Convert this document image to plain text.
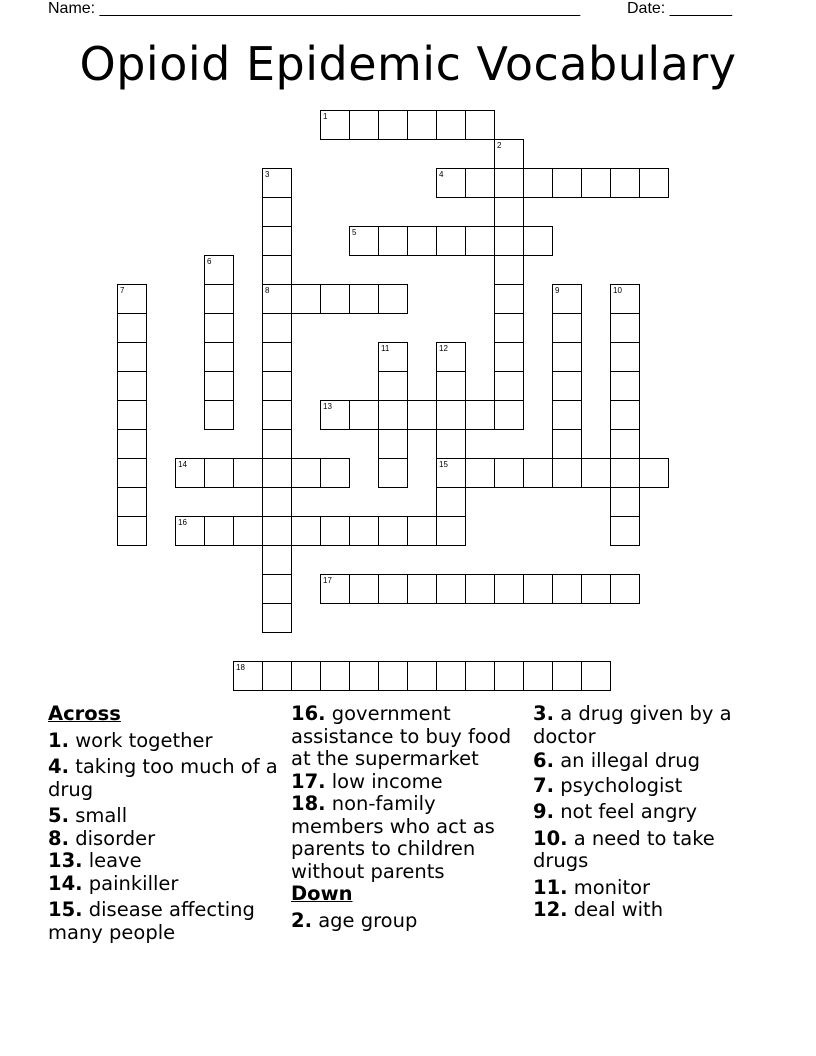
Name: ______________________________________________________	Date: _______
Opioid Epidemic Vocabulary
1
2
3
8
4
5
6
7	9	10
11	12
15
13
14
16
17
18
Across
1. work together
4. taking too much of a drug
5. small
8. disorder
13. leave
14. painkiller
15. disease affecting many people
16. government assistance to buy food at the supermarket
17. low income
18. non-family members who act as parents to children without parents
Down
2. age group
3. a drug given by a doctor
6. an illegal drug
7. psychologist
9. not feel angry
10. a need to take drugs
11. monitor
12. deal with
